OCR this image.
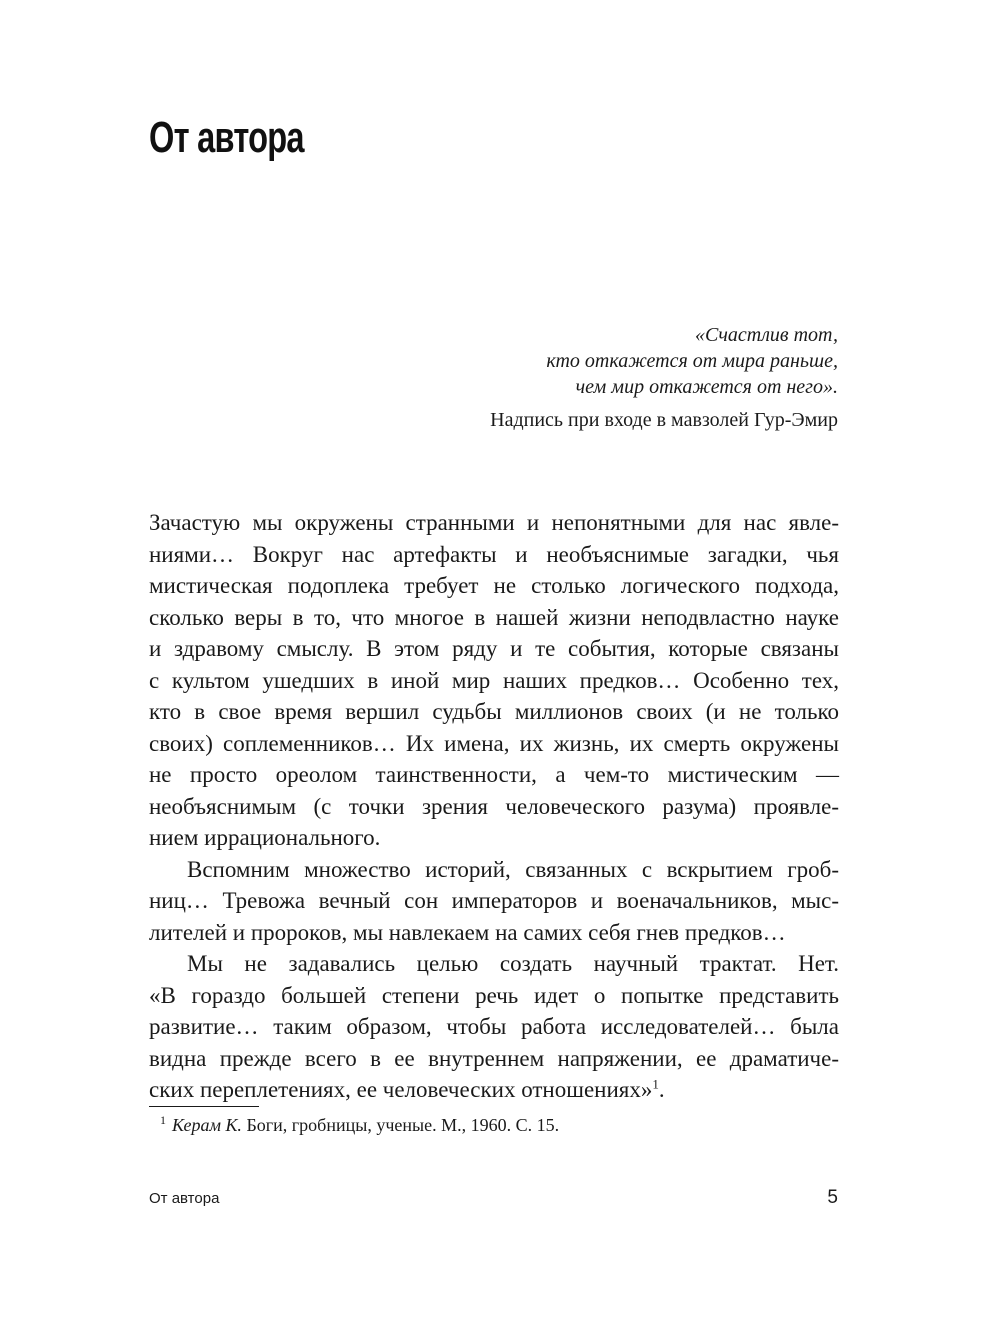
От автора
«Счастлив тот,
кто откажется от мира раньше,
чем мир откажется от него».
Надпись при входе в мавзолей Гур-Эмир
Зачастую мы окружены странными и непонятными для нас явле-
ниями… Вокруг нас артефакты и необъяснимые загадки, чья
мистическая подоплека требует не столько логического подхода,
сколько веры в то, что многое в нашей жизни неподвластно науке
и здравому смыслу. В этом ряду и те события, которые связаны
с культом ушедших в иной мир наших предков… Особенно тех,
кто в свое время вершил судьбы миллионов своих (и не только
своих) соплеменников… Их имена, их жизнь, их смерть окружены
не просто ореолом таинственности, а чем-то мистическим —
необъяснимым (с точки зрения человеческого разума) проявле-
нием иррационального.
Вспомним множество историй, связанных с вскрытием гроб-
ниц… Тревожа вечный сон императоров и военачальников, мыс-
лителей и пророков, мы навлекаем на самих себя гнев предков…
Мы не задавались целью создать научный трактат. Нет.
«В гораздо большей степени речь идет о попытке представить
развитие… таким образом, чтобы работа исследователей… была
видна прежде всего в ее внутреннем напряжении, ее драматиче-
ских переплетениях, ее человеческих отношениях»$^1$.
$^1$ Керам К. Боги, гробницы, ученые. М., 1960. С. 15.
От автора	5
